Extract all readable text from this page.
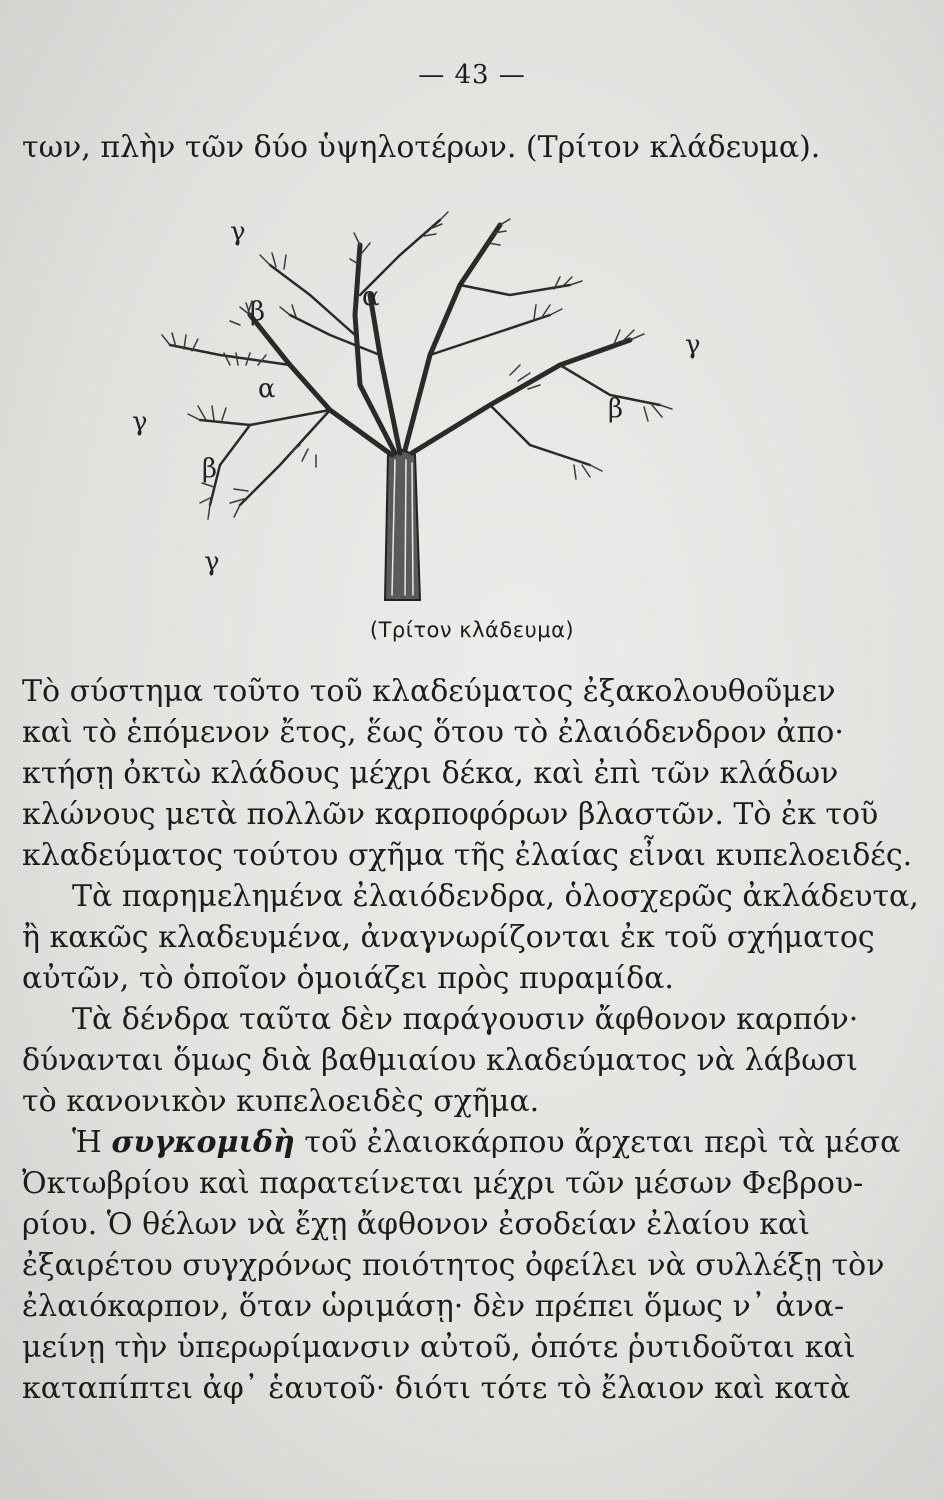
— 43 —
των, πλὴν τῶν δύο ὑψηλοτέρων. (Τρίτον κλάδευμα).
γ
β	α
γ
α
β
γ
β
γ
(Τρίτον κλάδευμα)
Τὸ σύστημα τοῦτο τοῦ κλαδεύματος ἐξακολουθοῦμεν
καὶ τὸ ἑπόμενον ἔτος, ἕως ὅτου τὸ ἐλαιόδενδρον ἀπο·
κτήσῃ ὀκτὼ κλάδους μέχρι δέκα, καὶ ἐπὶ τῶν κλάδων
κλώνους μετὰ πολλῶν καρποφόρων βλαστῶν. Τὸ ἐκ τοῦ
κλαδεύματος τούτου σχῆμα τῆς ἐλαίας εἶναι κυπελοειδές.
Τὰ παρημελημένα ἐλαιόδενδρα, ὁλοσχερῶς ἀκλάδευτα,
ἢ κακῶς κλαδευμένα, ἀναγνωρίζονται ἐκ τοῦ σχήματος
αὐτῶν, τὸ ὁποῖον ὁμοιάζει πρὸς πυραμίδα.
Τὰ δένδρα ταῦτα δὲν παράγουσιν ἄφθονον καρπόν·
δύνανται ὅμως διὰ βαθμιαίου κλαδεύματος νὰ λάβωσι
τὸ κανονικὸν κυπελοειδὲς σχῆμα.
Ἡ συγκομιδὴ τοῦ ἐλαιοκάρπου ἄρχεται περὶ τὰ μέσα
Ὀκτωβρίου καὶ παρατείνεται μέχρι τῶν μέσων Φεβρου-
ρίου. Ὁ θέλων νὰ ἔχῃ ἄφθονον ἐσοδείαν ἐλαίου καὶ
ἐξαιρέτου συγχρόνως ποιότητος ὀφείλει νὰ συλλέξῃ τὸν
ἐλαιόκαρπον, ὅταν ὡριμάσῃ· δὲν πρέπει ὅμως ν᾿ ἀνα-
μείνῃ τὴν ὑπερωρίμανσιν αὐτοῦ, ὁπότε ῥυτιδοῦται καὶ
καταπίπτει ἀφ᾿ ἑαυτοῦ· διότι τότε τὸ ἔλαιον καὶ κατὰ
